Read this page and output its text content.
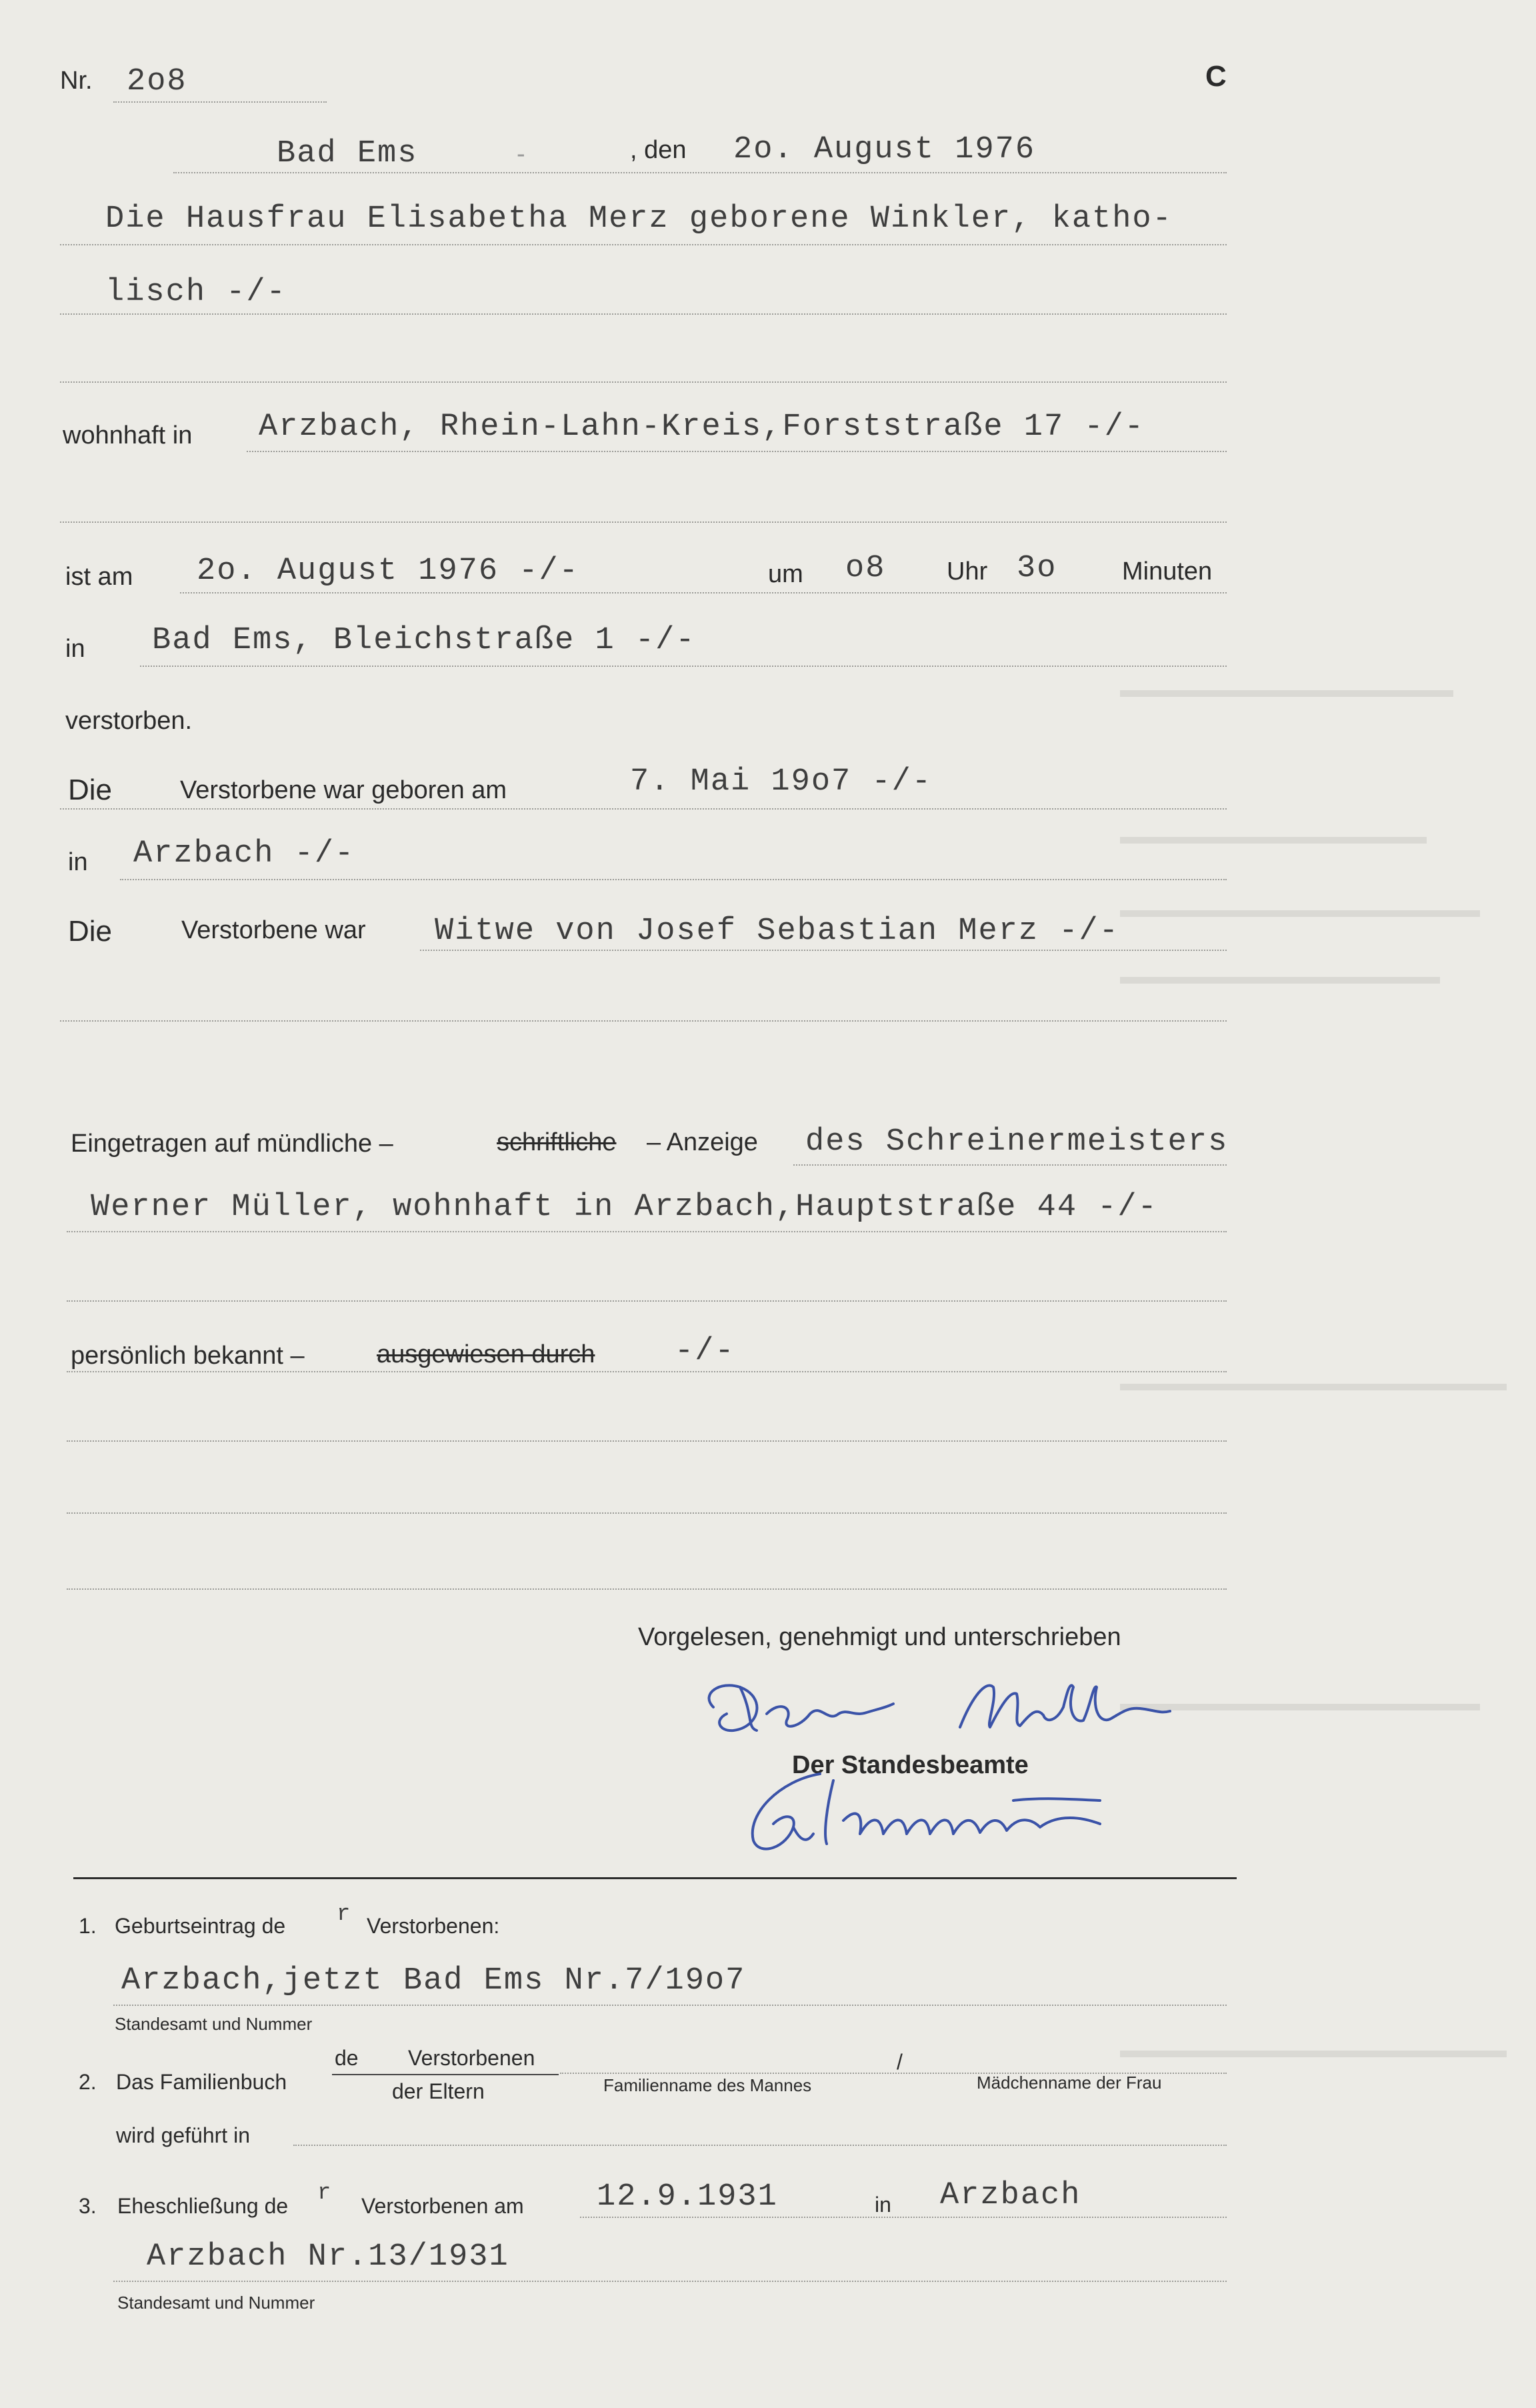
Nr. 2o8	C
Bad Ems	-	, den 2o. August 1976
Die Hausfrau Elisabetha Merz geborene Winkler, katho-
lisch -/-
wohnhaft in Arzbach, Rhein-Lahn-Kreis,Forststraße 17 -/-
ist am 2o. August 1976 -/-	um o8 Uhr 3o	Minuten
in Bad Ems, Bleichstraße 1 -/-
verstorben.
Die	Verstorbene war geboren am	7. Mai 19o7 -/-
in Arzbach -/-
Die	Verstorbene war Witwe von Josef Sebastian Merz -/-
Eingetragen auf mündliche –	schriftliche – Anzeige des Schreinermeisters
Werner Müller, wohnhaft in Arzbach,Hauptstraße 44 -/-
persönlich bekannt –	ausgewiesen durch	-/-
Vorgelesen, genehmigt und unterschrieben
Der Standesbeamte
1. Geburtseintrag de r Verstorbenen:
Arzbach,jetzt Bad Ems Nr.7/19o7
Standesamt und Nummer
2. Das Familienbuch
de Verstorbenen
der Eltern
/
Familienname des Mannes	Mädchenname der Frau
wird geführt in
3. Eheschließung de r Verstorbenen am 12.9.1931	in Arzbach
Arzbach Nr.13/1931
Standesamt und Nummer
